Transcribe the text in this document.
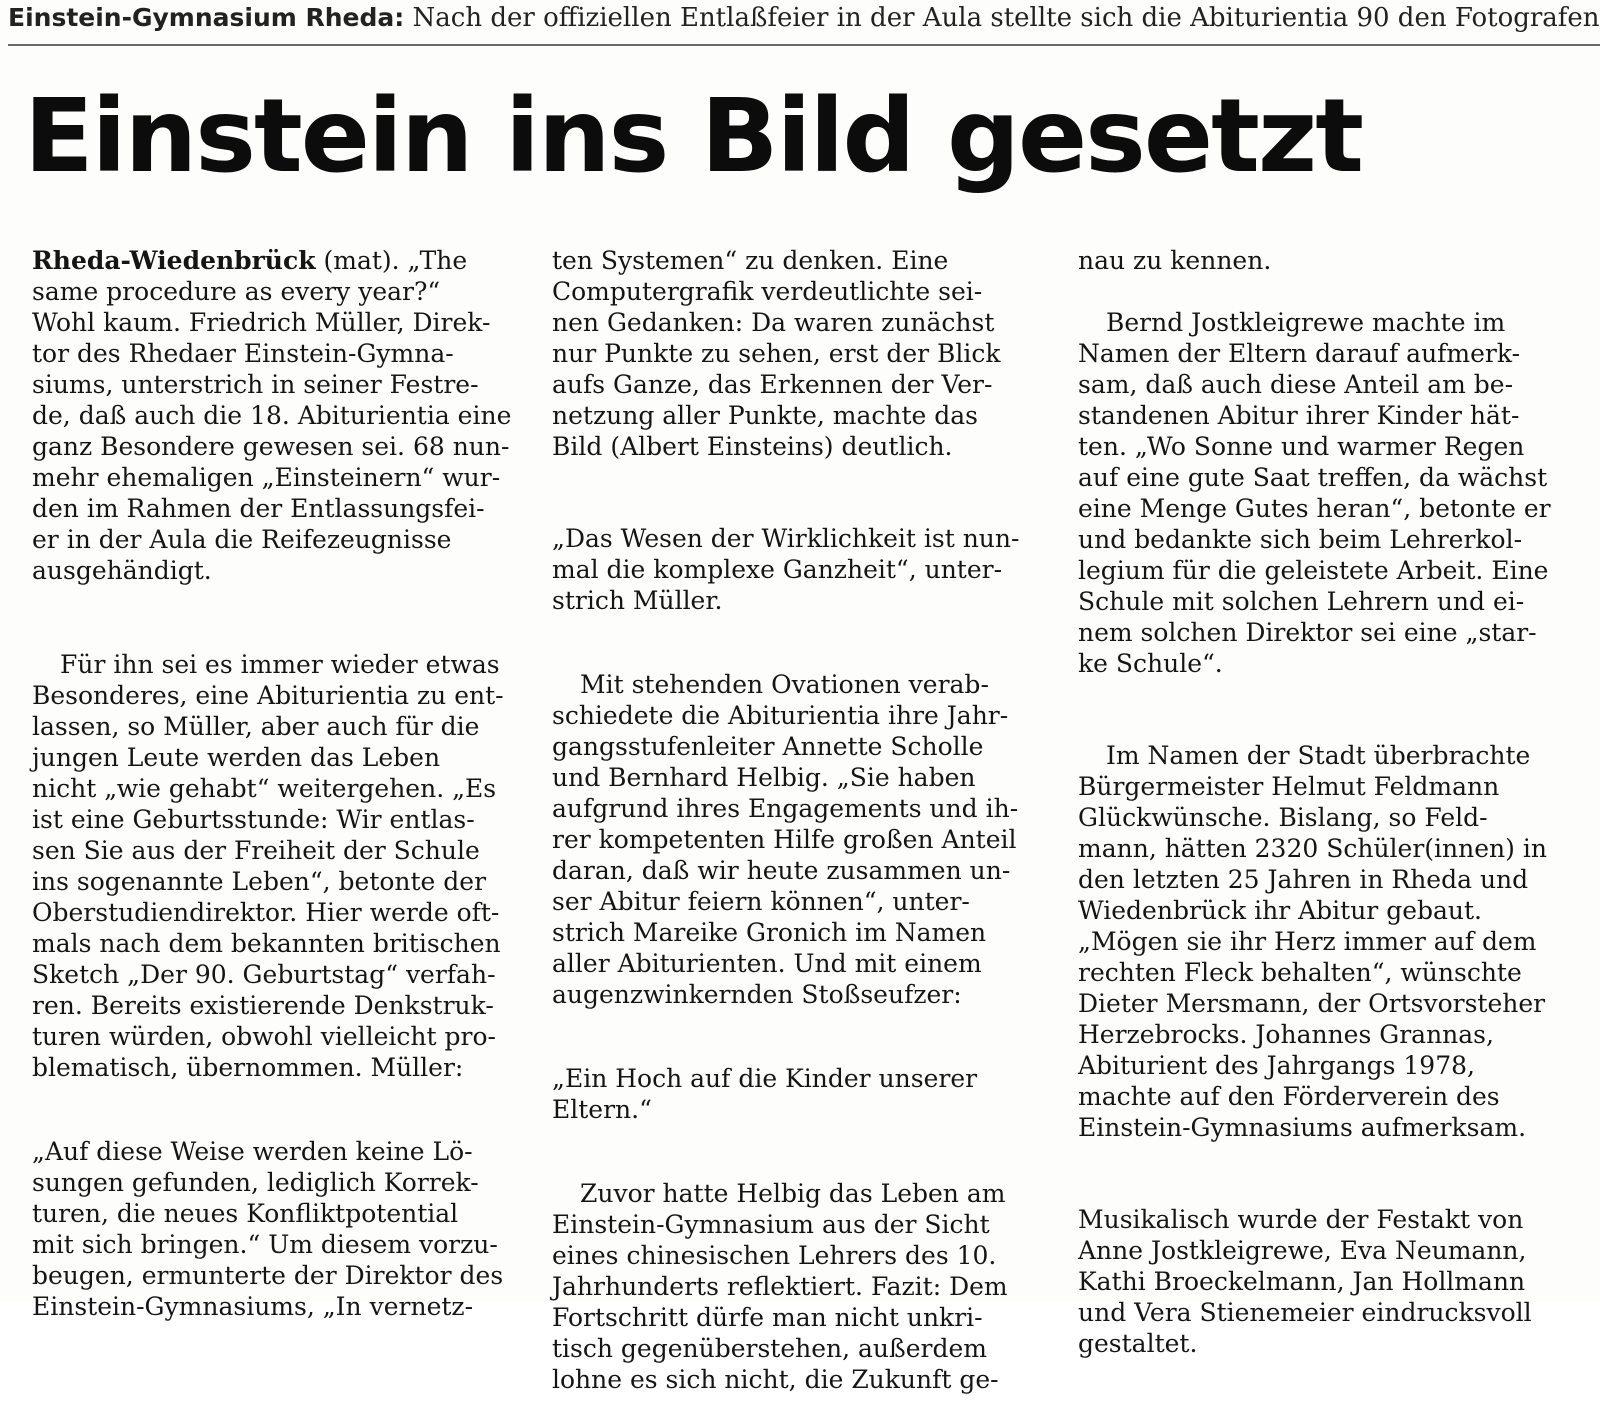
Einstein-Gymnasium Rheda: Nach der offiziellen Entlaßfeier in der Aula stellte sich die Abiturientia 90 den Fotografen
Einstein ins Bild gesetzt

Rheda-Wiedenbrück (mat). „The
same procedure as every year?“
Wohl kaum. Friedrich Müller, Direk-
tor des Rhedaer Einstein-Gymna-
siums, unterstrich in seiner Festre-
de, daß auch die 18. Abiturientia eine
ganz Besondere gewesen sei. 68 nun-
mehr ehemaligen „Einsteinern“ wur-
den im Rahmen der Entlassungsfei-
er in der Aula die Reifezeugnisse
ausgehändigt.

Für ihn sei es immer wieder etwas
Besonderes, eine Abiturientia zu ent-
lassen, so Müller, aber auch für die
jungen Leute werden das Leben
nicht „wie gehabt“ weitergehen. „Es
ist eine Geburtsstunde: Wir entlas-
sen Sie aus der Freiheit der Schule
ins sogenannte Leben“, betonte der
Oberstudiendirektor. Hier werde oft-
mals nach dem bekannten britischen
Sketch „Der 90. Geburtstag“ verfah-
ren. Bereits existierende Denkstruk-
turen würden, obwohl vielleicht pro-
blematisch, übernommen. Müller:

„Auf diese Weise werden keine Lö-
sungen gefunden, lediglich Korrek-
turen, die neues Konfliktpotential
mit sich bringen.“ Um diesem vorzu-
beugen, ermunterte der Direktor des
Einstein-Gymnasiums, „In vernetz-

ten Systemen“ zu denken. Eine
Computergrafik verdeutlichte sei-
nen Gedanken: Da waren zunächst
nur Punkte zu sehen, erst der Blick
aufs Ganze, das Erkennen der Ver-
netzung aller Punkte, machte das
Bild (Albert Einsteins) deutlich.

„Das Wesen der Wirklichkeit ist nun-
mal die komplexe Ganzheit“, unter-
strich Müller.

Mit stehenden Ovationen verab-
schiedete die Abiturientia ihre Jahr-
gangsstufenleiter Annette Scholle
und Bernhard Helbig. „Sie haben
aufgrund ihres Engagements und ih-
rer kompetenten Hilfe großen Anteil
daran, daß wir heute zusammen un-
ser Abitur feiern können“, unter-
strich Mareike Gronich im Namen
aller Abiturienten. Und mit einem
augenzwinkernden Stoßseufzer:

„Ein Hoch auf die Kinder unserer
Eltern.“

Zuvor hatte Helbig das Leben am
Einstein-Gymnasium aus der Sicht
eines chinesischen Lehrers des 10.
Jahrhunderts reflektiert. Fazit: Dem
Fortschritt dürfe man nicht unkri-
tisch gegenüberstehen, außerdem
lohne es sich nicht, die Zukunft ge-

nau zu kennen.

Bernd Jostkleigrewe machte im
Namen der Eltern darauf aufmerk-
sam, daß auch diese Anteil am be-
standenen Abitur ihrer Kinder hät-
ten. „Wo Sonne und warmer Regen
auf eine gute Saat treffen, da wächst
eine Menge Gutes heran“, betonte er
und bedankte sich beim Lehrerkol-
legium für die geleistete Arbeit. Eine
Schule mit solchen Lehrern und ei-
nem solchen Direktor sei eine „star-
ke Schule“.

Im Namen der Stadt überbrachte
Bürgermeister Helmut Feldmann
Glückwünsche. Bislang, so Feld-
mann, hätten 2320 Schüler(innen) in
den letzten 25 Jahren in Rheda und
Wiedenbrück ihr Abitur gebaut.
„Mögen sie ihr Herz immer auf dem
rechten Fleck behalten“, wünschte
Dieter Mersmann, der Ortsvorsteher
Herzebrocks. Johannes Grannas,
Abiturient des Jahrgangs 1978,
machte auf den Förderverein des
Einstein-Gymnasiums aufmerksam.

Musikalisch wurde der Festakt von
Anne Jostkleigrewe, Eva Neumann,
Kathi Broeckelmann, Jan Hollmann
und Vera Stienemeier eindrucksvoll
gestaltet.
